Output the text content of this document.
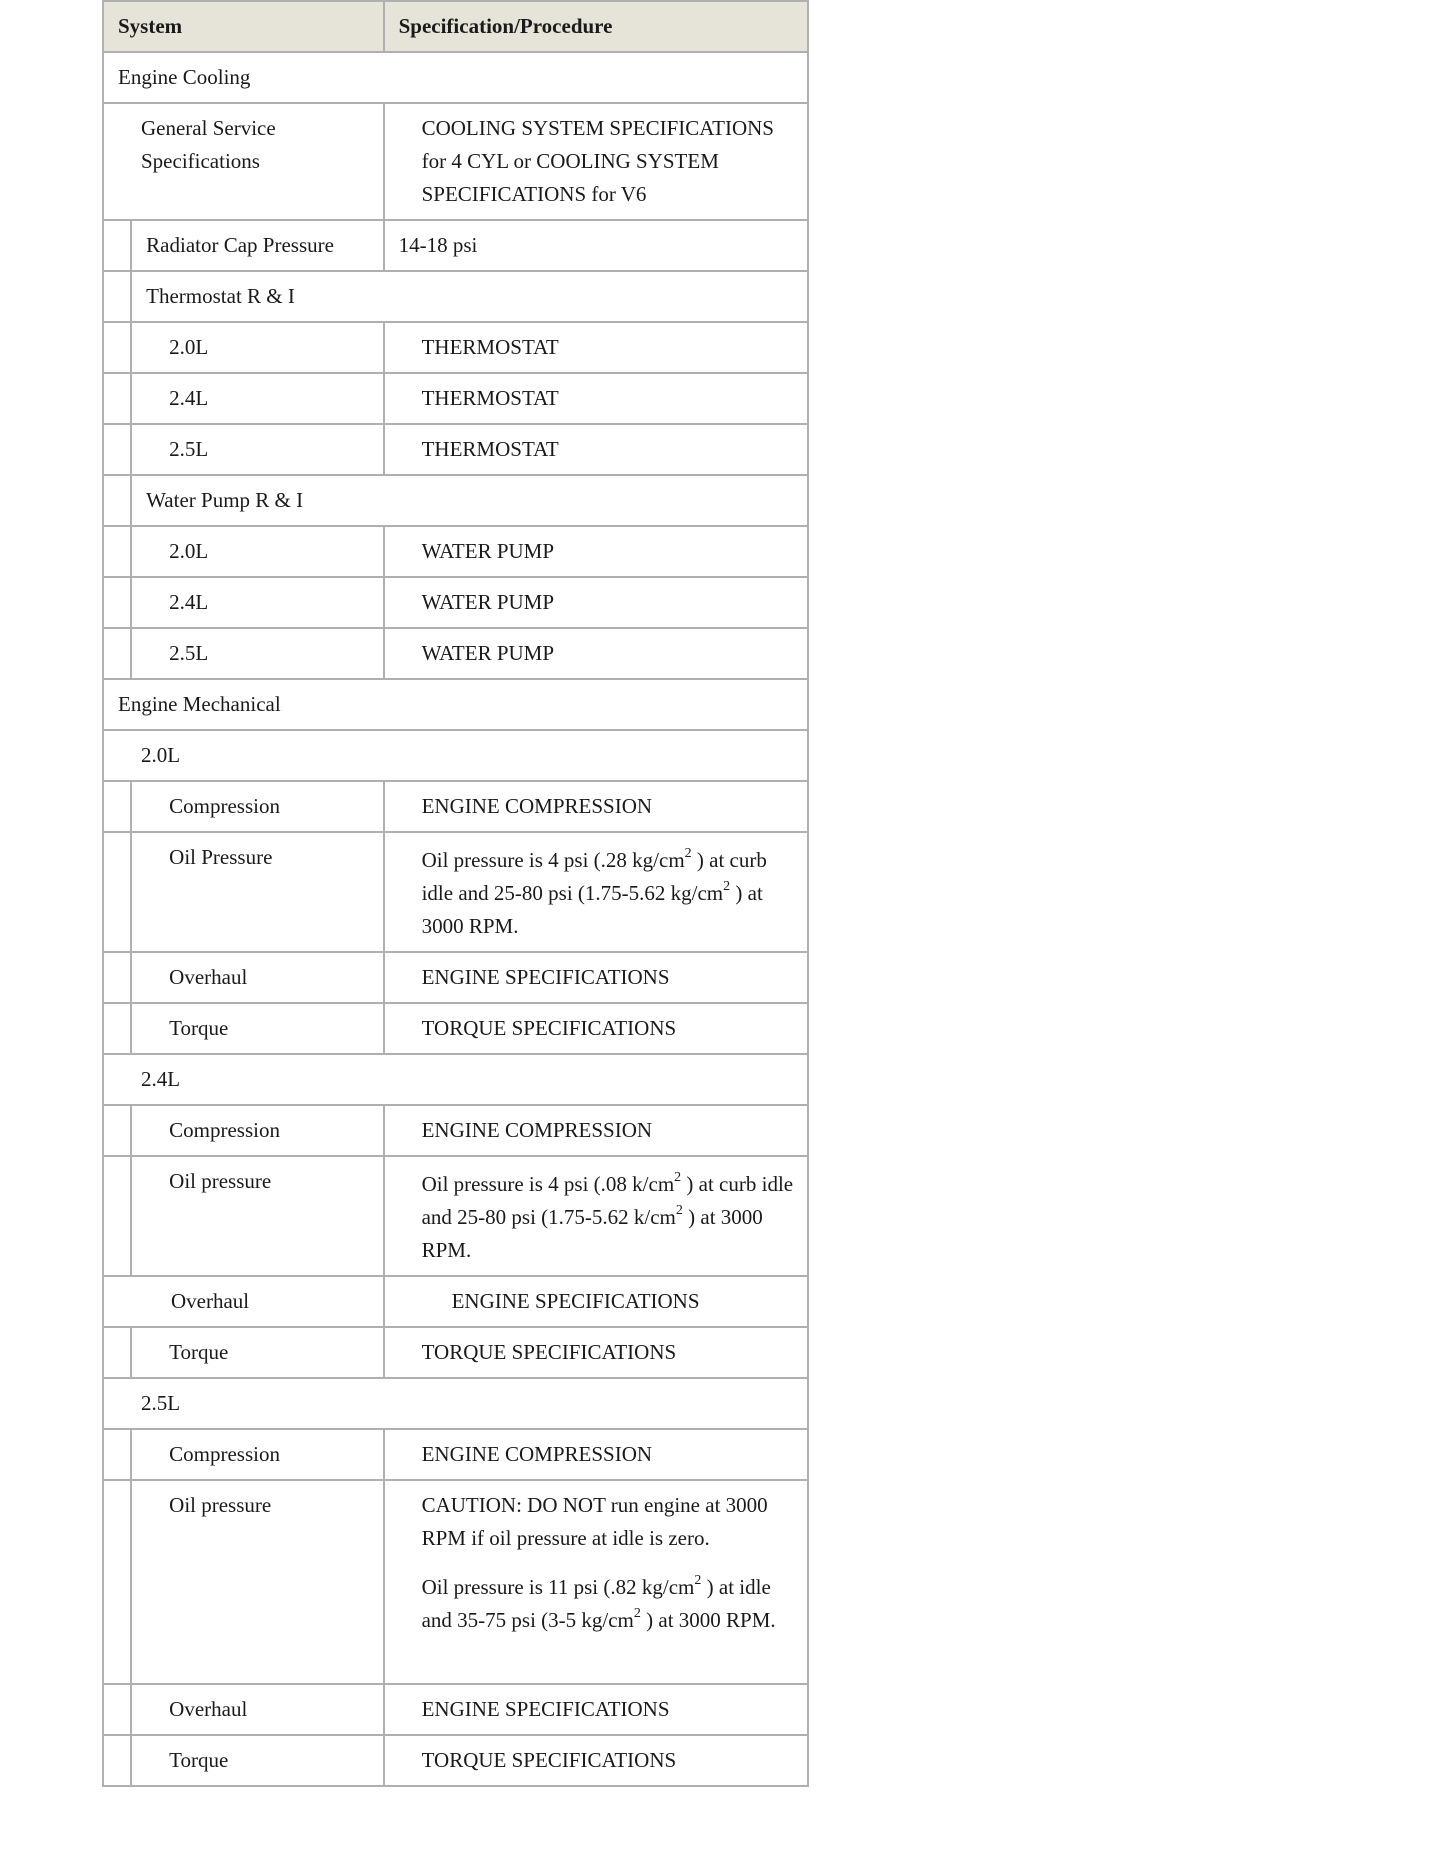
System		Specification/Procedure
Engine Cooling		
General Service Specifications		COOLING SYSTEM SPECIFICATIONS for 4 CYL or COOLING SYSTEM SPECIFICATIONS for V6
	Radiator Cap Pressure	14-18 psi
	Thermostat R & I	
	2.0L	THERMOSTAT
	2.4L	THERMOSTAT
	2.5L	THERMOSTAT
	Water Pump R & I	
	2.0L	WATER PUMP
	2.4L	WATER PUMP
	2.5L	WATER PUMP
Engine Mechanical		
2.0L		
	Compression	ENGINE COMPRESSION
	Oil Pressure	Oil pressure is 4 psi (.28 $kg/cm^2$ ) at curb idle and 25-80 psi (1.75-5.62 $kg/cm^2$ ) at 3000 RPM.
	Overhaul	ENGINE SPECIFICATIONS
	Torque	TORQUE SPECIFICATIONS
2.4L		
	Compression	ENGINE COMPRESSION
	Oil pressure	Oil pressure is 4 psi (.08 $k/cm^2$ ) at curb idle and 25-80 psi (1.75-5.62 $k/cm^2$ ) at 3000 RPM.
Overhaul		ENGINE SPECIFICATIONS
	Torque	TORQUE SPECIFICATIONS
2.5L		
	Compression	ENGINE COMPRESSION
	Oil pressure	CAUTION: DO NOT run engine at 3000 RPM if oil pressure at idle is zero.
Oil pressure is 11 psi (.82 $kg/cm^2$ ) at idle and 35-75 psi (3-5 $kg/cm^2$ ) at 3000 RPM.

	Overhaul	ENGINE SPECIFICATIONS
	Torque	TORQUE SPECIFICATIONS
